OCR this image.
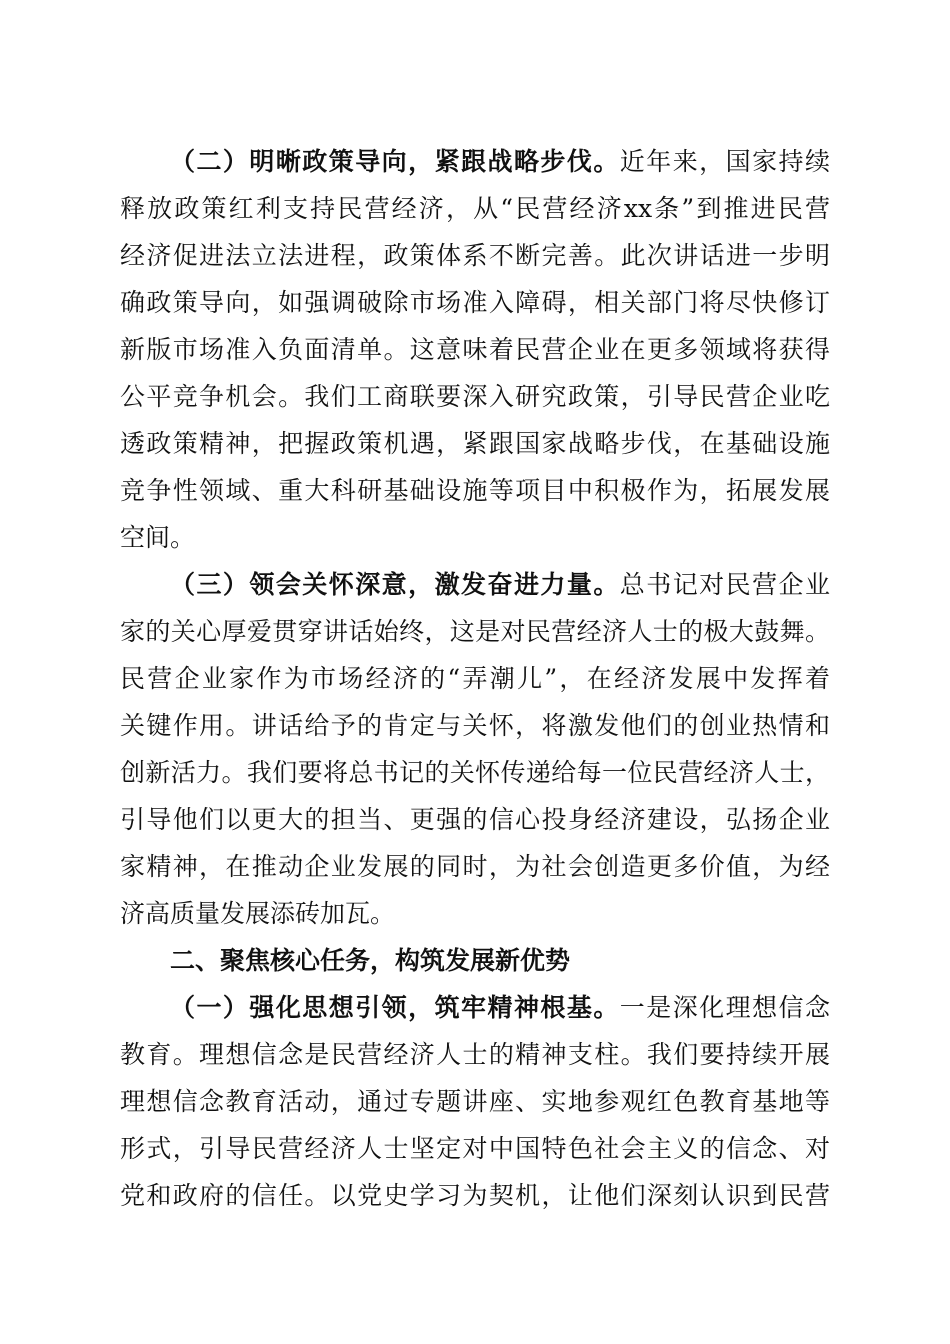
（二）明晰政策导向，紧跟战略步伐。近年来，国家持续
释放政策红利支持民营经济，从“民营经济xx条”到推进民营
经济促进法立法进程，政策体系不断完善。此次讲话进一步明
确政策导向，如强调破除市场准入障碍，相关部门将尽快修订
新版市场准入负面清单。这意味着民营企业在更多领域将获得
公平竞争机会。我们工商联要深入研究政策，引导民营企业吃
透政策精神，把握政策机遇，紧跟国家战略步伐，在基础设施
竞争性领域、重大科研基础设施等项目中积极作为，拓展发展
空间。
（三）领会关怀深意，激发奋进力量。总书记对民营企业
家的关心厚爱贯穿讲话始终，这是对民营经济人士的极大鼓舞。
民营企业家作为市场经济的“弄潮儿”，在经济发展中发挥着
关键作用。讲话给予的肯定与关怀，将激发他们的创业热情和
创新活力。我们要将总书记的关怀传递给每一位民营经济人士，
引导他们以更大的担当、更强的信心投身经济建设，弘扬企业
家精神，在推动企业发展的同时，为社会创造更多价值，为经
济高质量发展添砖加瓦。
二、聚焦核心任务，构筑发展新优势
（一）强化思想引领，筑牢精神根基。一是深化理想信念
教育。理想信念是民营经济人士的精神支柱。我们要持续开展
理想信念教育活动，通过专题讲座、实地参观红色教育基地等
形式，引导民营经济人士坚定对中国特色社会主义的信念、对
党和政府的信任。以党史学习为契机，让他们深刻认识到民营
